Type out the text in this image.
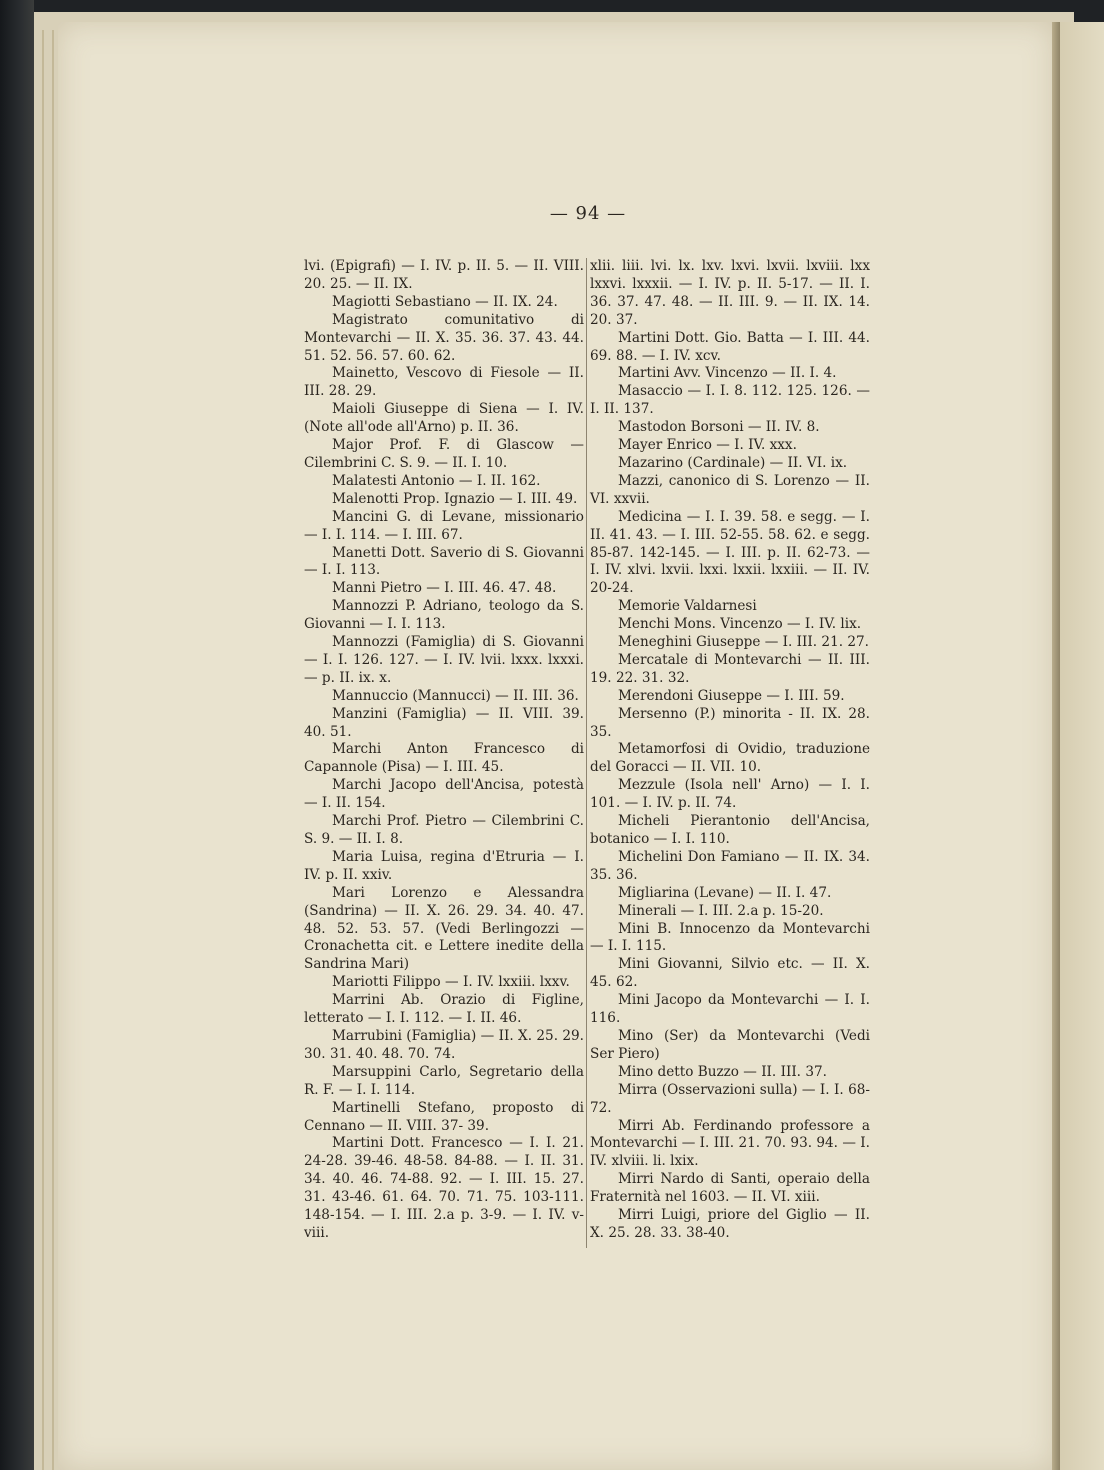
— 94 —

lvi. (Epigrafi) — I. IV. p. II. 5. — II. VIII. 20. 25. — II. IX.

Magiotti Sebastiano — II. IX. 24.

Magistrato comunitativo di Montevarchi — II. X. 35. 36. 37. 43. 44. 51. 52. 56. 57. 60. 62.

Mainetto, Vescovo di Fiesole — II. III. 28. 29.

Maioli Giuseppe di Siena — I. IV. (Note all'ode all'Arno) p. II. 36.

Major Prof. F. di Glascow — Cilembrini C. S. 9. — II. I. 10.

Malatesti Antonio — I. II. 162.

Malenotti Prop. Ignazio — I. III. 49.

Mancini G. di Levane, missionario — I. I. 114. — I. III. 67.

Manetti Dott. Saverio di S. Giovanni — I. I. 113.

Manni Pietro — I. III. 46. 47. 48.

Mannozzi P. Adriano, teologo da S. Giovanni — I. I. 113.

Mannozzi (Famiglia) di S. Giovanni — I. I. 126. 127. — I. IV. lvii. lxxx. lxxxi. — p. II. ix. x.

Mannuccio (Mannucci) — II. III. 36.

Manzini (Famiglia) — II. VIII. 39. 40. 51.

Marchi Anton Francesco di Capannole (Pisa) — I. III. 45.

Marchi Jacopo dell'Ancisa, potestà — I. II. 154.

Marchi Prof. Pietro — Cilembrini C. S. 9. — II. I. 8.

Maria Luisa, regina d'Etruria — I. IV. p. II. xxiv.

Mari Lorenzo e Alessandra (Sandrina) — II. X. 26. 29. 34. 40. 47. 48. 52. 53. 57. (Vedi Berlingozzi — Cronachetta cit. e Lettere inedite della Sandrina Mari)

Mariotti Filippo — I. IV. lxxiii. lxxv.

Marrini Ab. Orazio di Figline, letterato — I. I. 112. — I. II. 46.

Marrubini (Famiglia) — II. X. 25. 29. 30. 31. 40. 48. 70. 74.

Marsuppini Carlo, Segretario della R. F. — I. I. 114.

Martinelli Stefano, proposto di Cennano — II. VIII. 37- 39.

Martini Dott. Francesco — I. I. 21. 24-28. 39-46. 48-58. 84-88. — I. II. 31. 34. 40. 46. 74-88. 92. — I. III. 15. 27. 31. 43-46. 61. 64. 70. 71. 75. 103-111. 148-154. — I. III. 2.a p. 3-9. — I. IV. v-viii.

xlii. liii. lvi. lx. lxv. lxvi. lxvii. lxviii. lxx lxxvi. lxxxii. — I. IV. p. II. 5-17. — II. I. 36. 37. 47. 48. — II. III. 9. — II. IX. 14. 20. 37.

Martini Dott. Gio. Batta — I. III. 44. 69. 88. — I. IV. xcv.

Martini Avv. Vincenzo — II. I. 4.

Masaccio — I. I. 8. 112. 125. 126. — I. II. 137.

Mastodon Borsoni — II. IV. 8.

Mayer Enrico — I. IV. xxx.

Mazarino (Cardinale) — II. VI. ix.

Mazzi, canonico di S. Lorenzo — II. VI. xxvii.

Medicina — I. I. 39. 58. e segg. — I. II. 41. 43. — I. III. 52-55. 58. 62. e segg. 85-87. 142-145. — I. III. p. II. 62-73. — I. IV. xlvi. lxvii. lxxi. lxxii. lxxiii. — II. IV. 20-24.

Memorie Valdarnesi

Menchi Mons. Vincenzo — I. IV. lix.

Meneghini Giuseppe — I. III. 21. 27.

Mercatale di Montevarchi — II. III. 19. 22. 31. 32.

Merendoni Giuseppe — I. III. 59.

Mersenno (P.) minorita - II. IX. 28. 35.

Metamorfosi di Ovidio, traduzione del Goracci — II. VII. 10.

Mezzule (Isola nell' Arno) — I. I. 101. — I. IV. p. II. 74.

Micheli Pierantonio dell'Ancisa, botanico — I. I. 110.

Michelini Don Famiano — II. IX. 34. 35. 36.

Migliarina (Levane) — II. I. 47.

Minerali — I. III. 2.a p. 15-20.

Mini B. Innocenzo da Montevarchi — I. I. 115.

Mini Giovanni, Silvio etc. — II. X. 45. 62.

Mini Jacopo da Montevarchi — I. I. 116.

Mino (Ser) da Montevarchi (Vedi Ser Piero)

Mino detto Buzzo — II. III. 37.

Mirra (Osservazioni sulla) — I. I. 68-72.

Mirri Ab. Ferdinando professore a Montevarchi — I. III. 21. 70. 93. 94. — I. IV. xlviii. li. lxix.

Mirri Nardo di Santi, operaio della Fraternità nel 1603. — II. VI. xiii.

Mirri Luigi, priore del Giglio — II. X. 25. 28. 33. 38-40.
